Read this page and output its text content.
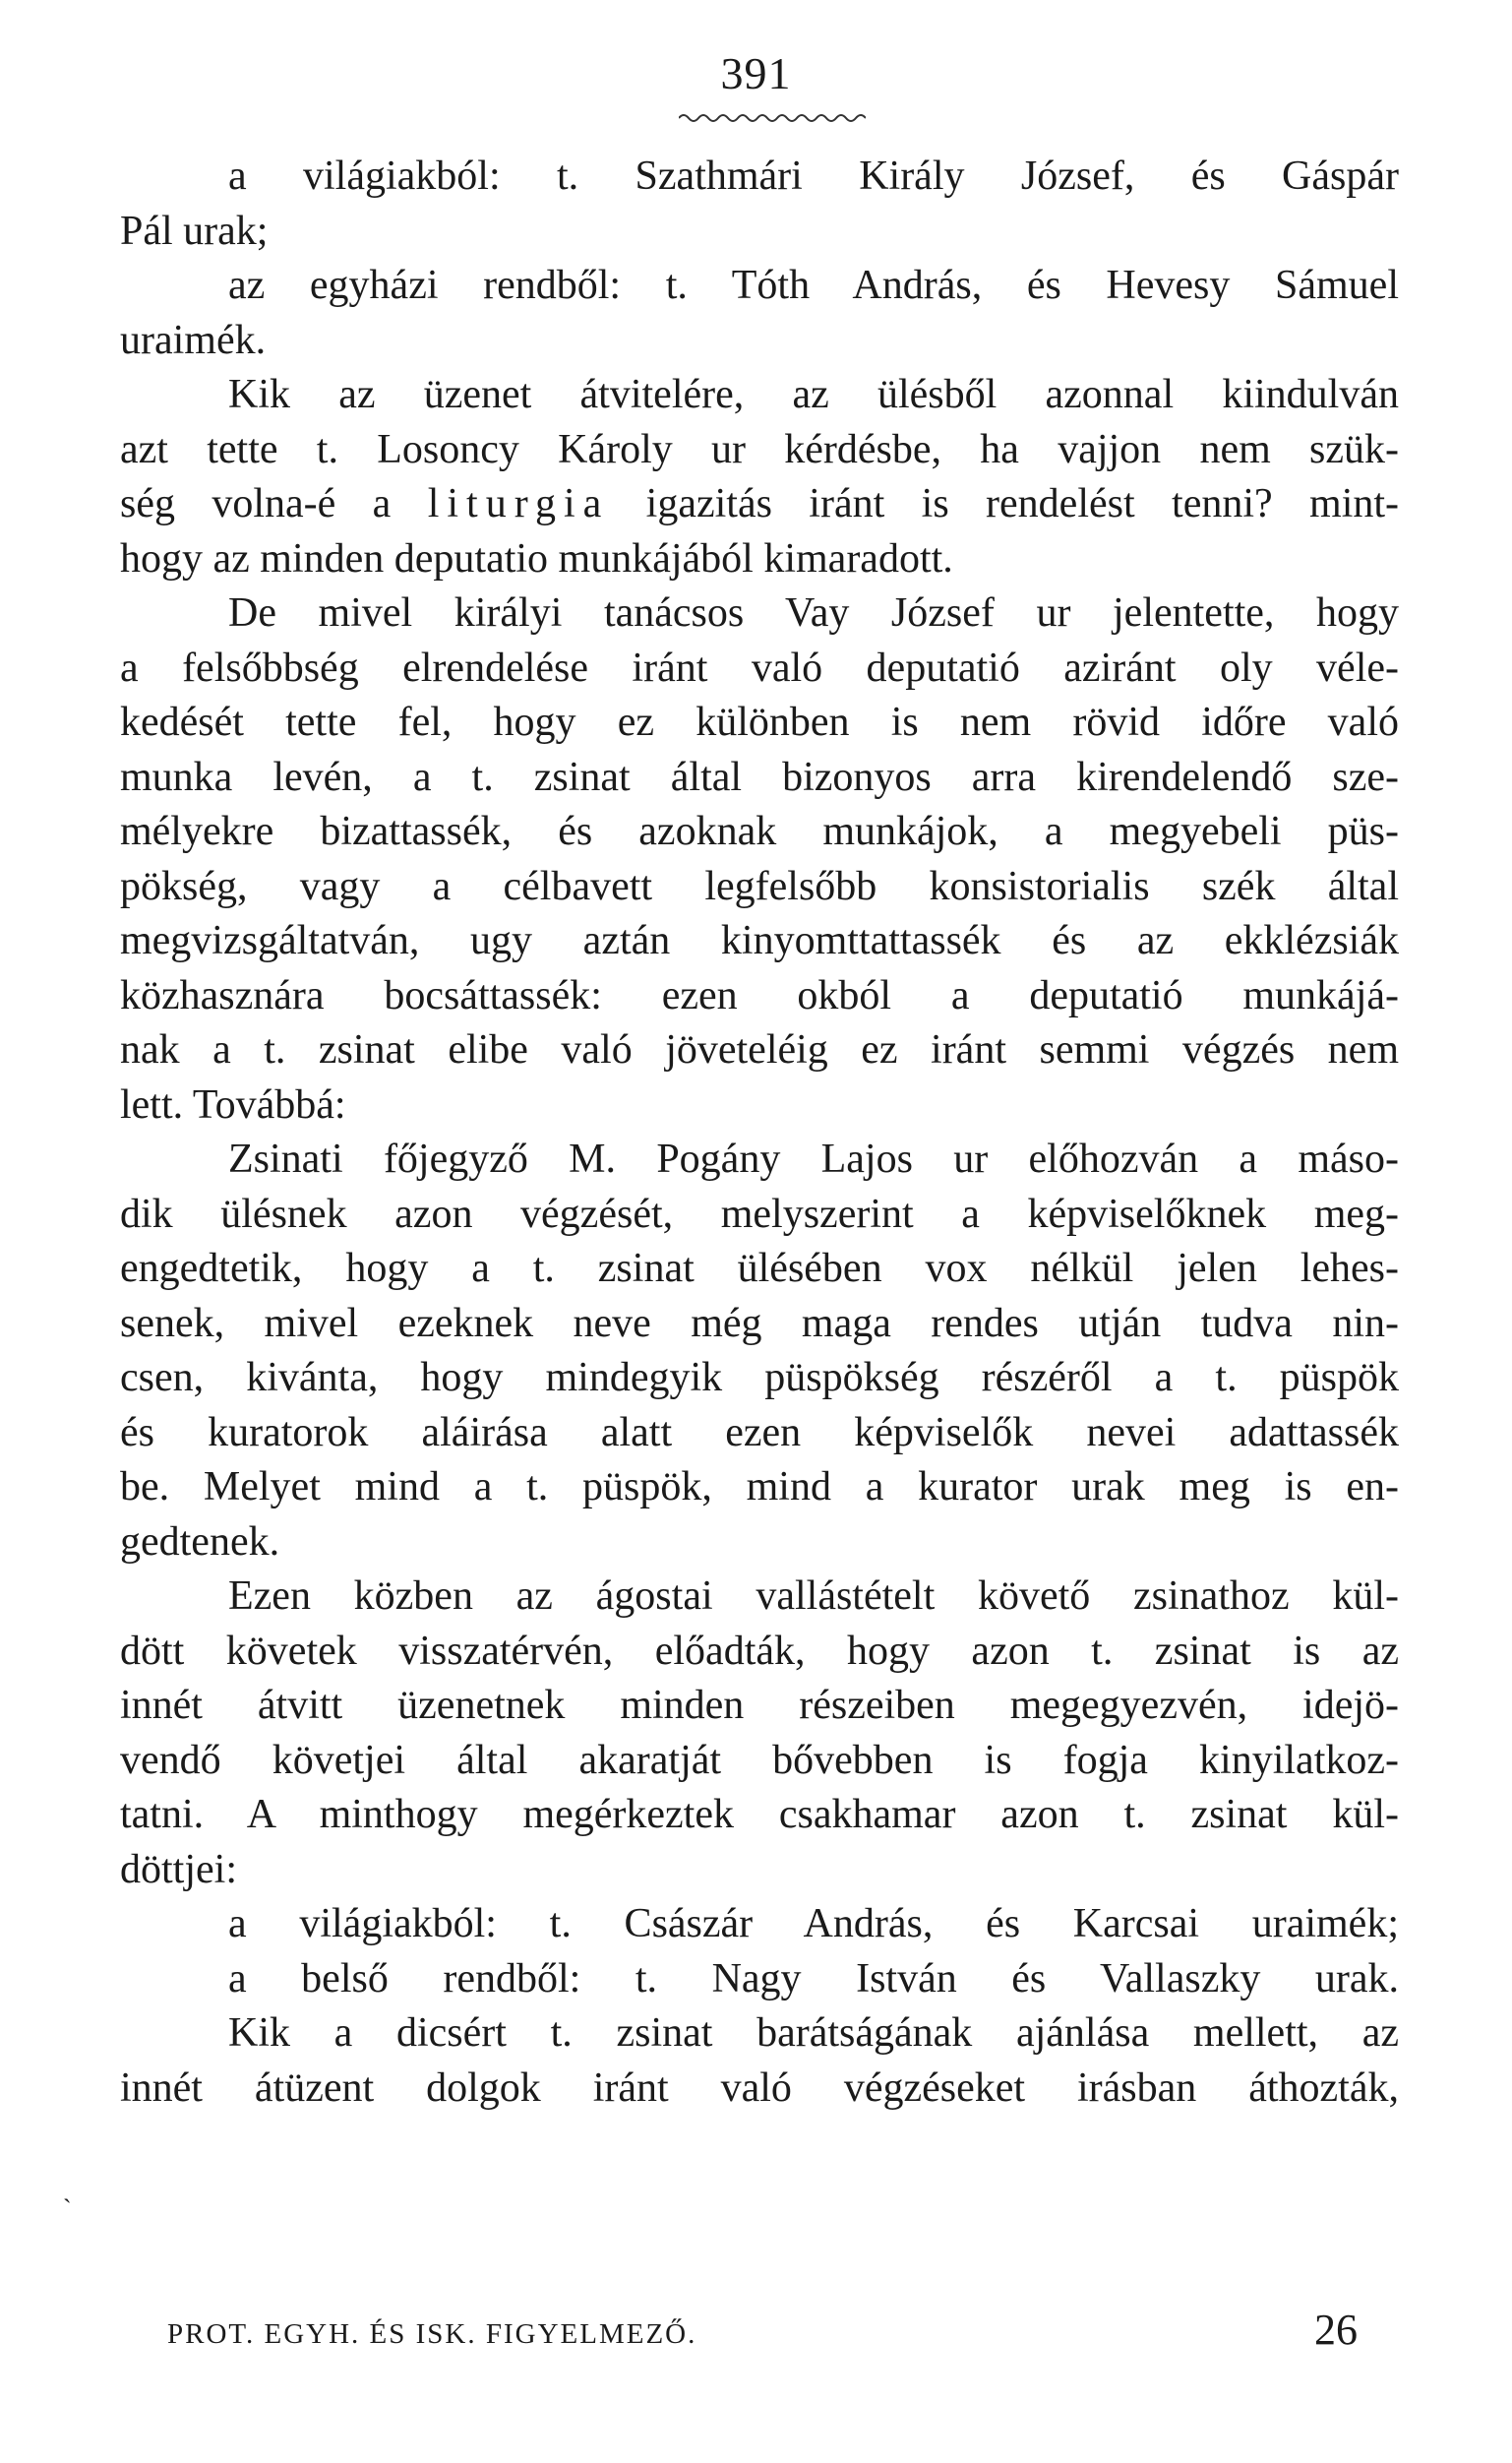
391
a világiakból: t. Szathmári Király József, és Gáspár
Pál urak;
az egyházi rendből: t. Tóth András, és Hevesy Sámuel
uraimék.
Kik az üzenet átvitelére, az ülésből azonnal kiindulván
azt tette t. Losoncy Károly ur kérdésbe, ha vajjon nem szük-
ség volna-é a liturgia igazitás iránt is rendelést tenni? mint-
hogy az minden deputatio munkájából kimaradott.
De mivel királyi tanácsos Vay József ur jelentette, hogy
a felsőbbség elrendelése iránt való deputatió aziránt oly véle-
kedését tette fel, hogy ez különben is nem rövid időre való
munka levén, a t. zsinat által bizonyos arra kirendelendő sze-
mélyekre bizattassék, és azoknak munkájok, a megyebeli püs-
pökség, vagy a célbavett legfelsőbb konsistorialis szék által
megvizsgáltatván, ugy aztán kinyomttattassék és az ekklézsiák
közhasznára bocsáttassék: ezen okból a deputatió munkájá-
nak a t. zsinat elibe való jöveteléig ez iránt semmi végzés nem
lett. Továbbá:
Zsinati főjegyző M. Pogány Lajos ur előhozván a máso-
dik ülésnek azon végzését, melyszerint a képviselőknek meg-
engedtetik, hogy a t. zsinat ülésében vox nélkül jelen lehes-
senek, mivel ezeknek neve még maga rendes utján tudva nin-
csen, kivánta, hogy mindegyik püspökség részéről a t. püspök
és kuratorok aláirása alatt ezen képviselők nevei adattassék
be. Melyet mind a t. püspök, mind a kurator urak meg is en-
gedtenek.
Ezen közben az ágostai vallástételt követő zsinathoz kül-
dött követek visszatérvén, előadták, hogy azon t. zsinat is az
innét átvitt üzenetnek minden részeiben megegyezvén, idejö-
vendő követjei által akaratját bővebben is fogja kinyilatkoz-
tatni. A minthogy megérkeztek csakhamar azon t. zsinat kül-
döttjei:
a világiakból: t. Császár András, és Karcsai uraimék;
a belső rendből: t. Nagy István és Vallaszky urak.
Kik a dicsért t. zsinat barátságának ajánlása mellett, az
innét átüzent dolgok iránt való végzéseket irásban áthozták,
ˎ
PROT. EGYH. ÉS ISK. FIGYELMEZŐ.	26
